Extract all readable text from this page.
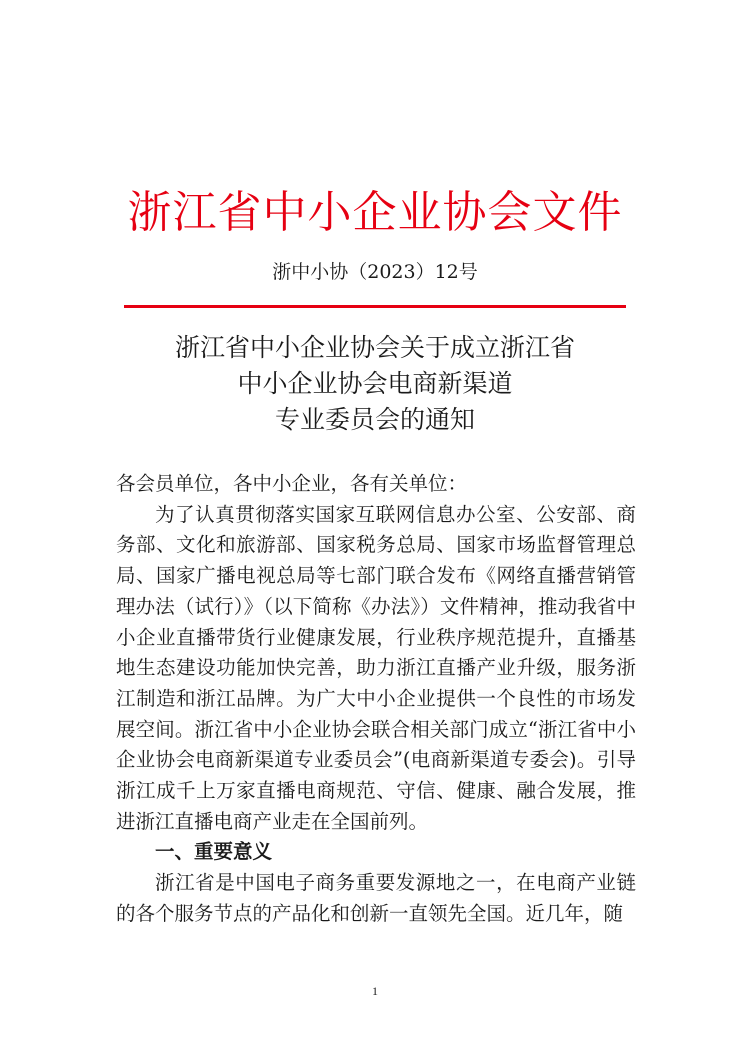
浙江省中小企业协会文件
浙中小协（2023）12号
浙江省中小企业协会关于成立浙江省
中小企业协会电商新渠道
专业委员会的通知

各会员单位，各中小企业，各有关单位：

为了认真贯彻落实国家互联网信息办公室、公安部、商务部、文化和旅游部、国家税务总局、国家市场监督管理总局、国家广播电视总局等七部门联合发布《网络直播营销管理办法（试行）》（以下简称《办法》）文件精神，推动我省中小企业直播带货行业健康发展，行业秩序规范提升，直播基地生态建设功能加快完善，助力浙江直播产业升级，服务浙江制造和浙江品牌。为广大中小企业提供一个良性的市场发展空间。浙江省中小企业协会联合相关部门成立“浙江省中小企业协会电商新渠道专业委员会”(电商新渠道专委会)。引导浙江成千上万家直播电商规范、守信、健康、融合发展，推进浙江直播电商产业走在全国前列。

一、重要意义

浙江省是中国电子商务重要发源地之一，在电商产业链的各个服务节点的产品化和创新一直领先全国。近几年，随

1
